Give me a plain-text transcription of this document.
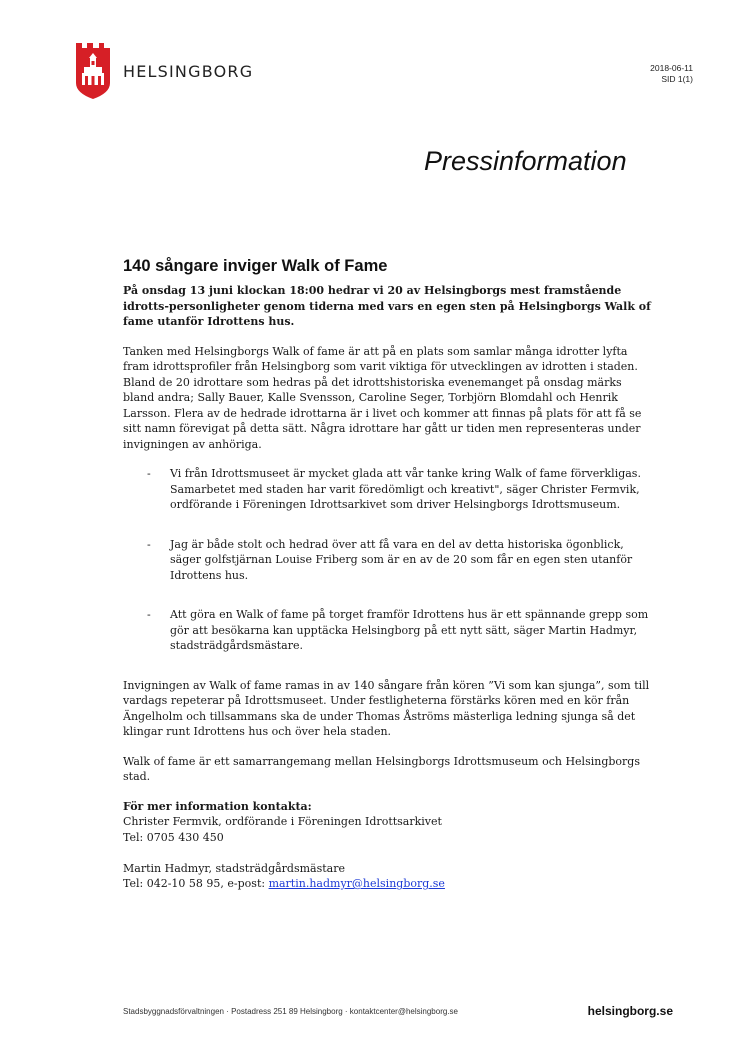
HELSINGBORG	2018-06-11
SID 1(1)
Pressinformation
140 sångare inviger Walk of Fame

På onsdag 13 juni klockan 18:00 hedrar vi 20 av Helsingborgs mest framstående idrotts-personligheter genom tiderna med vars en egen sten på Helsingborgs Walk of fame utanför Idrottens hus.

Tanken med Helsingborgs Walk of fame är att på en plats som samlar många idrotter lyfta fram idrottsprofiler från Helsingborg som varit viktiga för utvecklingen av idrotten i staden. Bland de 20 idrottare som hedras på det idrottshistoriska evenemanget på onsdag märks bland andra; Sally Bauer, Kalle Svensson, Caroline Seger, Torbjörn Blomdahl och Henrik Larsson. Flera av de hedrade idrottarna är i livet och kommer att finnas på plats för att få se sitt namn förevigat på detta sätt. Några idrottare har gått ur tiden men representeras under invigningen av anhöriga.

- Vi från Idrottsmuseet är mycket glada att vår tanke kring Walk of fame förverkligas. Samarbetet med staden har varit föredömligt och kreativt", säger Christer Fermvik, ordförande i Föreningen Idrottsarkivet som driver Helsingborgs Idrottsmuseum.
- Jag är både stolt och hedrad över att få vara en del av detta historiska ögonblick, säger golfstjärnan Louise Friberg som är en av de 20 som får en egen sten utanför Idrottens hus.
- Att göra en Walk of fame på torget framför Idrottens hus är ett spännande grepp som gör att besökarna kan upptäcka Helsingborg på ett nytt sätt, säger Martin Hadmyr, stadsträdgårdsmästare.

Invigningen av Walk of fame ramas in av 140 sångare från kören ”Vi som kan sjunga”, som till vardags repeterar på Idrottsmuseet. Under festligheterna förstärks kören med en kör från Ängelholm och tillsammans ska de under Thomas Åströms mästerliga ledning sjunga så det klingar runt Idrottens hus och över hela staden.

Walk of fame är ett samarrangemang mellan Helsingborgs Idrottsmuseum och Helsingborgs stad.

För mer information kontakta:
Christer Fermvik, ordförande i Föreningen Idrottsarkivet
Tel: 0705 430 450
Martin Hadmyr, stadsträdgårdsmästare
Tel: 042-10 58 95, e-post: martin.hadmyr@helsingborg.se
Stadsbyggnadsförvaltningen · Postadress 251 89 Helsingborg · kontaktcenter@helsingborg.se	helsingborg.se
